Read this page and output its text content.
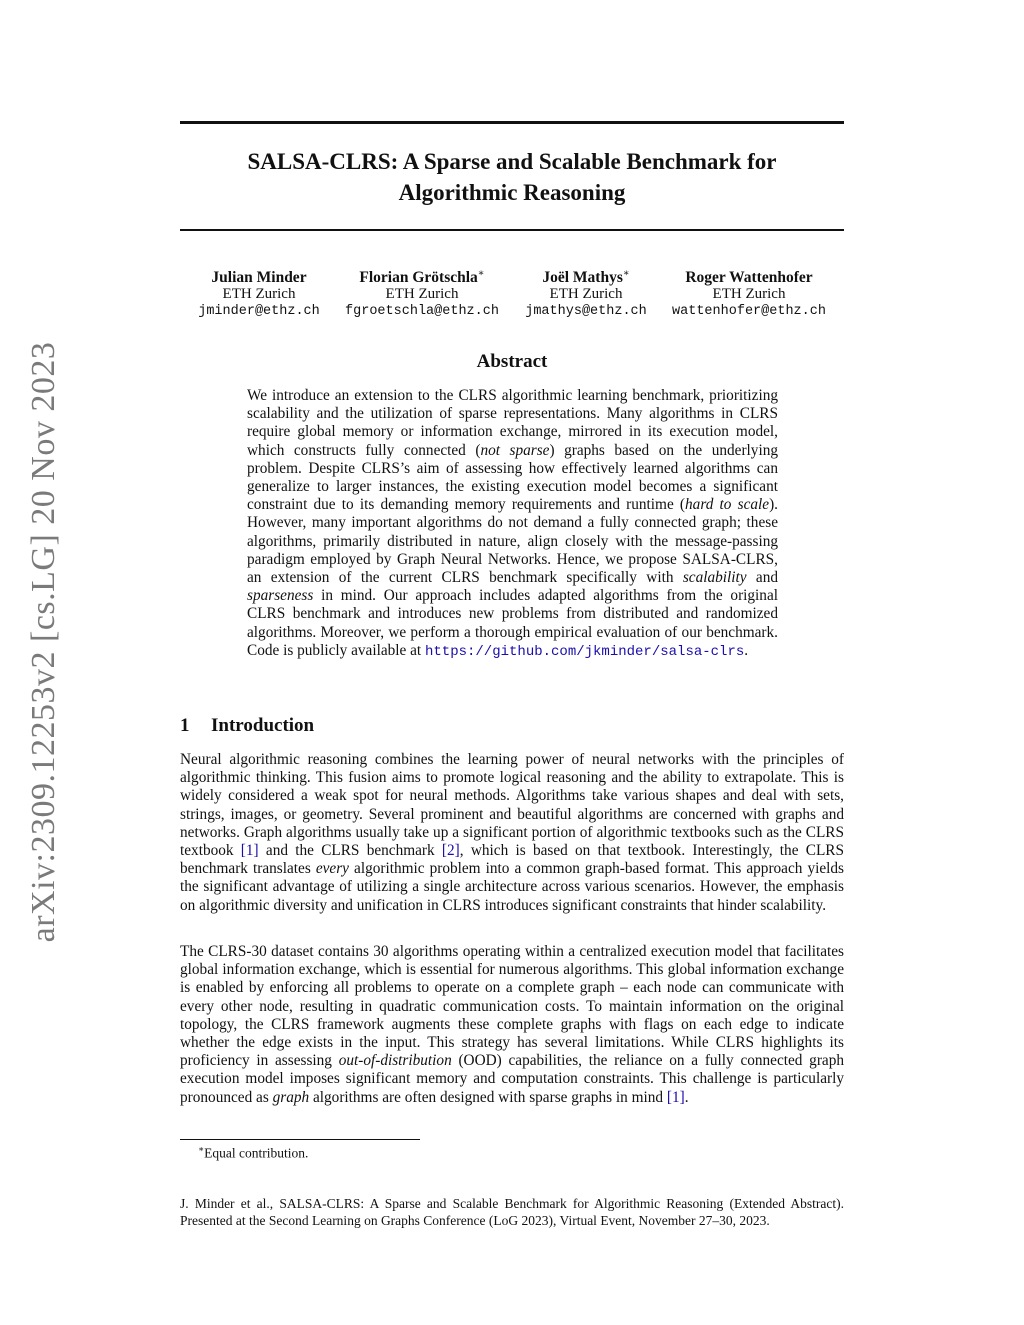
arXiv:2309.12253v2 [cs.LG] 20 Nov 2023
SALSA-CLRS: A Sparse and Scalable Benchmark for
Algorithmic Reasoning
Julian Minder
ETH Zurich
jminder@ethz.ch
Florian Grötschla∗
ETH Zurich
fgroetschla@ethz.ch
Joël Mathys∗
ETH Zurich
jmathys@ethz.ch
Roger Wattenhofer
ETH Zurich
wattenhofer@ethz.ch
Abstract
We introduce an extension to the CLRS algorithmic learning benchmark, prioritizing scalability and the utilization of sparse representations. Many algorithms in CLRS require global memory or information exchange, mirrored in its execution model, which constructs fully connected (not sparse) graphs based on the underlying problem. Despite CLRS’s aim of assessing how effectively learned algorithms can generalize to larger instances, the existing execution model becomes a significant constraint due to its demanding memory requirements and runtime (hard to scale). However, many important algorithms do not demand a fully connected graph; these algorithms, primarily distributed in nature, align closely with the message-passing paradigm employed by Graph Neural Networks. Hence, we propose SALSA-CLRS, an extension of the current CLRS benchmark specifically with scalability and sparseness in mind. Our approach includes adapted algorithms from the original CLRS benchmark and introduces new problems from distributed and randomized algorithms. Moreover, we perform a thorough empirical evaluation of our benchmark. Code is publicly available at https://github.com/jkminder/salsa-clrs.
1 Introduction

Neural algorithmic reasoning combines the learning power of neural networks with the principles of algorithmic thinking. This fusion aims to promote logical reasoning and the ability to extrapolate. This is widely considered a weak spot for neural methods. Algorithms take various shapes and deal with sets, strings, images, or geometry. Several prominent and beautiful algorithms are concerned with graphs and networks. Graph algorithms usually take up a significant portion of algorithmic textbooks such as the CLRS textbook [1] and the CLRS benchmark [2], which is based on that textbook. Interestingly, the CLRS benchmark translates every algorithmic problem into a common graph-based format. This approach yields the significant advantage of utilizing a single architecture across various scenarios. However, the emphasis on algorithmic diversity and unification in CLRS introduces significant constraints that hinder scalability.

The CLRS-30 dataset contains 30 algorithms operating within a centralized execution model that facilitates global information exchange, which is essential for numerous algorithms. This global information exchange is enabled by enforcing all problems to operate on a complete graph – each node can communicate with every other node, resulting in quadratic communication costs. To maintain information on the original topology, the CLRS framework augments these complete graphs with flags on each edge to indicate whether the edge exists in the input. This strategy has several limitations. While CLRS highlights its proficiency in assessing out-of-distribution (OOD) capabilities, the reliance on a fully connected graph execution model imposes significant memory and computation constraints. This challenge is particularly pronounced as graph algorithms are often designed with sparse graphs in mind [1].

∗Equal contribution.
J. Minder et al., SALSA-CLRS: A Sparse and Scalable Benchmark for Algorithmic Reasoning (Extended Abstract). Presented at the Second Learning on Graphs Conference (LoG 2023), Virtual Event, November 27–30, 2023.
